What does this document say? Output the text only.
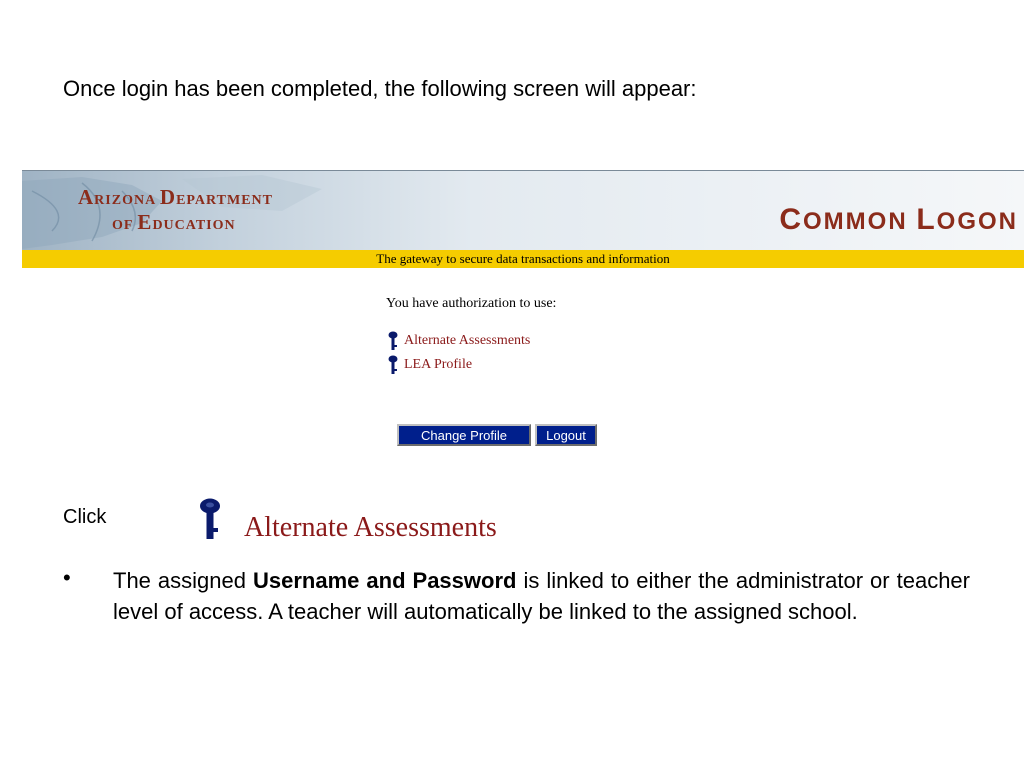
Once login has been completed, the following screen will appear:
ARIZONA DEPARTMENT
OF EDUCATION	COMMON LOGON
The gateway to secure data transactions and information
You have authorization to use:
Alternate Assessments
LEA Profile
Change Profile	Logout
Click	Alternate Assessments
• The assigned Username and Password is linked to either the administrator or teacher level of access. A teacher will automatically be linked to the assigned school.
